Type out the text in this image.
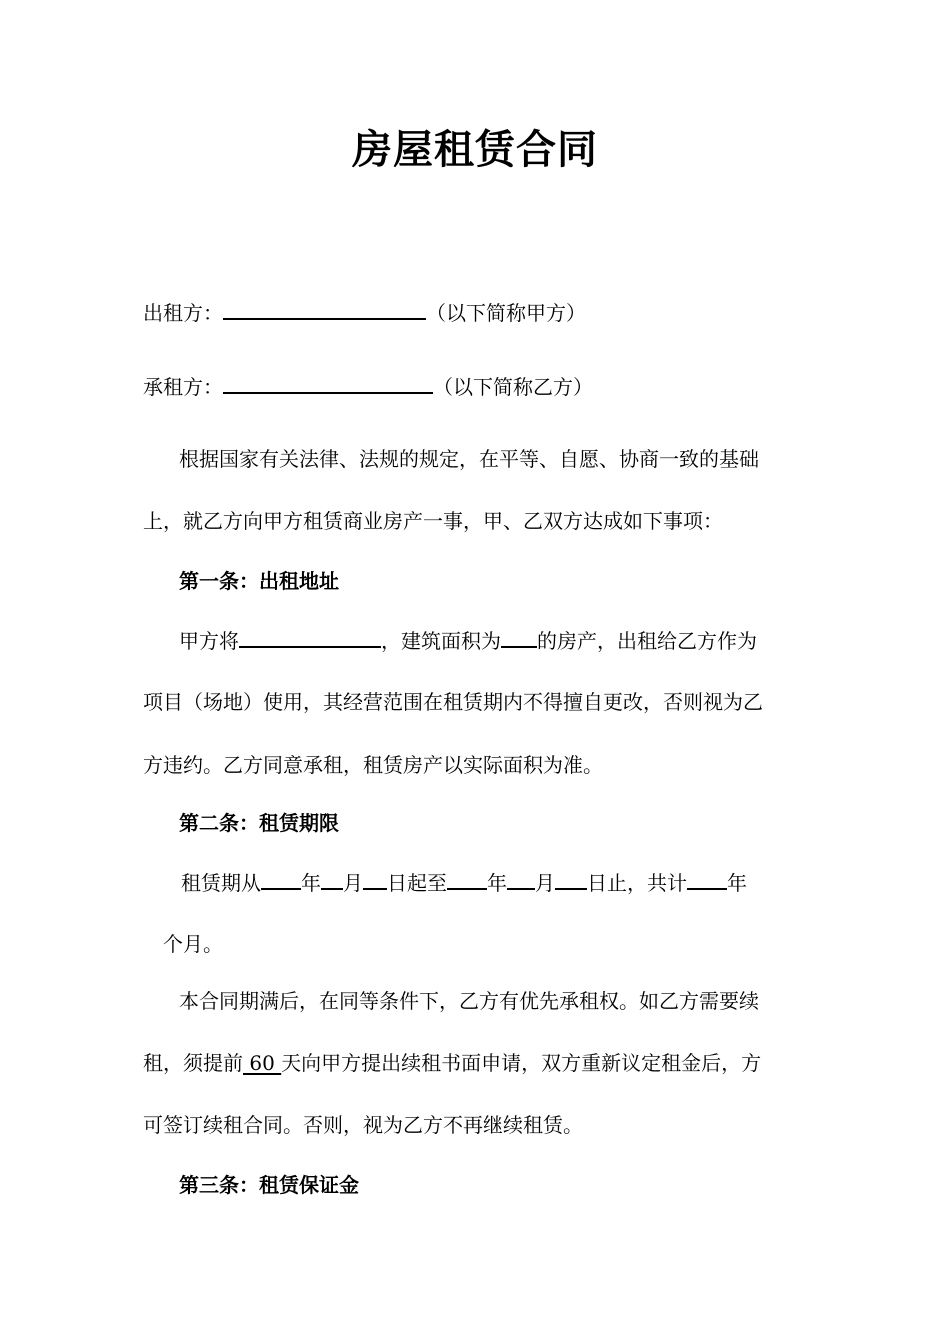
房屋租赁合同
出租方：	（以下简称甲方）
承租方：	（以下简称乙方）
根据国家有关法律、法规的规定，在平等、自愿、协商一致的基础
上，就乙方向甲方租赁商业房产一事，甲、乙双方达成如下事项：
第一条：出租地址
甲方将	，建筑面积为 的房产，出租给乙方作为
项目（场地）使用，其经营范围在租赁期内不得擅自更改，否则视为乙
方违约。乙方同意承租，租赁房产以实际面积为准。
第二条：租赁期限
租赁期从 年 月 日起至 年 月 日止，共计 年
个月。
本合同期满后，在同等条件下，乙方有优先承租权。如乙方需要续
租，须提前 60 天向甲方提出续租书面申请，双方重新议定租金后，方
可签订续租合同。否则，视为乙方不再继续租赁。
第三条：租赁保证金
